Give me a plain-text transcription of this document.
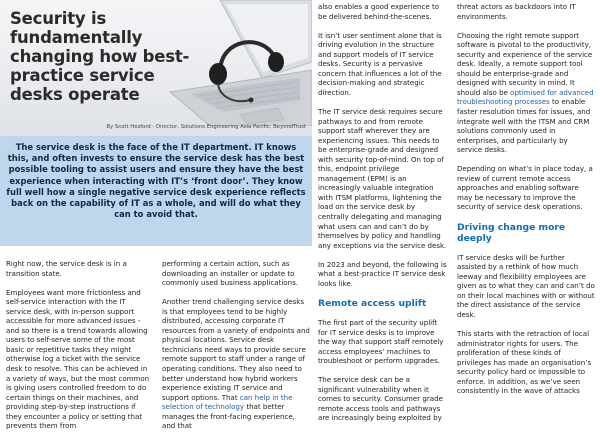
Security is fundamentally changing how best-practice service desks operate
By Scott Hesford - Director, Solutions Engineering Asia Pacific, BeyondTrust

The service desk is the face of the IT department. IT knows this, and often invests to ensure the service desk has the best possible tooling to assist users and ensure they have the best experience when interacting with IT’s ‘front door’. They know full well how a single negative service desk experience reflects back on the capability of IT as a whole, and will do what they can to avoid that.

Right now, the service desk is in a transition state.

Employees want more frictionless and self-service interaction with the IT service desk, with in-person support accessible for more advanced issues - and so there is a trend towards allowing users to self-serve some of the most basic or repetitive tasks they might otherwise log a ticket with the service desk to resolve. This can be achieved in a variety of ways, but the most common is giving users controlled freedom to do certain things on their machines, and providing step-by-step instructions if they encounter a policy or setting that prevents them from

performing a certain action, such as downloading an installer or update to commonly used business applications.

Another trend challenging service desks is that employees tend to be highly distributed, accessing corporate IT resources from a variety of endpoints and physical locations. Service desk technicians need ways to provide secure remote support to staff under a range of operating conditions. They also need to better understand how hybrid workers experience existing IT service and support options. That can help in the selection of technology that better manages the front-facing experience, and that

also enables a good experience to be delivered behind-the-scenes.

It isn’t user sentiment alone that is driving evolution in the structure and support models of IT service desks. Security is a pervasive concern that influences a lot of the decision-making and strategic direction.

The IT service desk requires secure pathways to and from remote support staff wherever they are experiencing issues. This needs to be enterprise-grade and designed with security top-of-mind. On top of this, endpoint privilege management (EPM) is an increasingly valuable integration with ITSM platforms, lightening the load on the service desk by centrally delegating and managing what users can and can’t do by themselves by policy and handling any exceptions via the service desk.

In 2023 and beyond, the following is what a best-practice IT service desk looks like.

Remote access uplift

The first part of the security uplift for IT service desks is to improve the way that support staff remotely access employees’ machines to troubleshoot or perform upgrades.

The service desk can be a significant vulnerability when it comes to security. Consumer grade remote access tools and pathways are increasingly being exploited by

threat actors as backdoors into IT environments.

Choosing the right remote support software is pivotal to the productivity, security and experience of the service desk. Ideally, a remote support tool should be enterprise-grade and designed with security in mind. It should also be optimised for advanced troubleshooting processes to enable faster resolution times for issues, and integrate well with the ITSM and CRM solutions commonly used in enterprises, and particularly by service desks.

Depending on what’s in place today, a review of current remote access approaches and enabling software may be necessary to improve the security of service desk operations.

Driving change more deeply

IT service desks will be further assisted by a rethink of how much leeway and flexibility employees are given as to what they can and can’t do on their local machines with or without the direct assistance of the service desk.

This starts with the retraction of local administrator rights for users. The proliferation of these kinds of privileges has made an organisation’s security policy hard or impossible to enforce. In addition, as we’ve seen consistently in the wave of attacks
